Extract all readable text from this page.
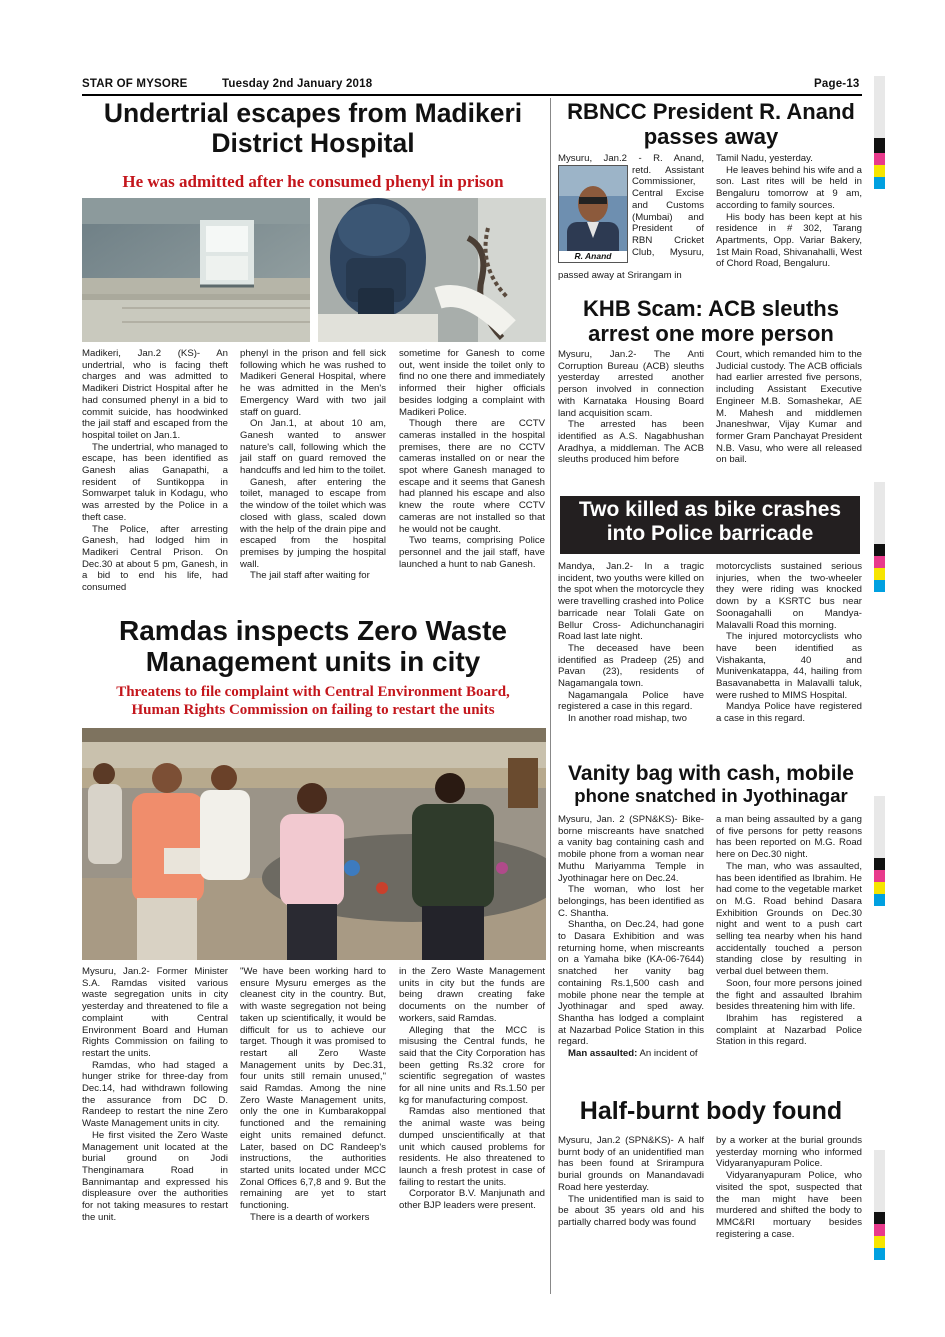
STAR OF MYSORE	Tuesday 2nd January 2018	Page-13
Undertrial escapes from Madikeri
District Hospital
He was admitted after he consumed phenyl in prison

Madikeri, Jan.2 (KS)- An undertrial, who is facing theft charges and was admitted to Madikeri District Hospital after he had consumed phenyl in a bid to commit suicide, has hoodwinked the jail staff and escaped from the hospital toilet on Jan.1.

The undertrial, who managed to escape, has been identified as Ganesh alias Ganapathi, a resident of Suntikoppa in Somwarpet taluk in Kodagu, who was arrested by the Police in a theft case.

The Police, after arresting Ganesh, had lodged him in Madikeri Central Prison. On Dec.30 at about 5 pm, Ganesh, in a bid to end his life, had consumed

phenyl in the prison and fell sick following which he was rushed to Madikeri General Hospital, where he was admitted in the Men's Emergency Ward with two jail staff on guard.

On Jan.1, at about 10 am, Ganesh wanted to answer nature's call, following which the jail staff on guard removed the handcuffs and led him to the toilet.

Ganesh, after entering the toilet, managed to escape from the window of the toilet which was closed with glass, scaled down with the help of the drain pipe and escaped from the hospital premises by jumping the hospital wall.

The jail staff after waiting for

sometime for Ganesh to come out, went inside the toilet only to find no one there and immediately informed their higher officials besides lodging a complaint with Madikeri Police.

Though there are CCTV cameras installed in the hospital premises, there are no CCTV cameras installed on or near the spot where Ganesh managed to escape and it seems that Ganesh had planned his escape and also knew the route where CCTV cameras are not installed so that he would not be caught.

Two teams, comprising Police personnel and the jail staff, have launched a hunt to nab Ganesh.

Ramdas inspects Zero Waste
Management units in city
Threatens to file complaint with Central Environment Board,
Human Rights Commission on failing to restart the units

Mysuru, Jan.2- Former Minister S.A. Ramdas visited various waste segregation units in city yesterday and threatened to file a complaint with Central Environment Board and Human Rights Commission on failing to restart the units.

Ramdas, who had staged a hunger strike for three-day from Dec.14, had withdrawn following the assurance from DC D. Randeep to restart the nine Zero Waste Management units in city.

He first visited the Zero Waste Management unit located at the burial ground on Jodi Thenginamara Road in Bannimantap and expressed his displeasure over the authorities for not taking measures to restart the unit.

"We have been working hard to ensure Mysuru emerges as the cleanest city in the country. But, with waste segregation not being taken up scientifically, it would be difficult for us to achieve our target. Though it was promised to restart all Zero Waste Management units by Dec.31, four units still remain unused," said Ramdas. Among the nine Zero Waste Management units, only the one in Kumbarakoppal functioned and the remaining eight units remained defunct. Later, based on DC Randeep's instructions, the authorities started units located under MCC Zonal Offices 6,7,8 and 9. But the remaining are yet to start functioning.

There is a dearth of workers

in the Zero Waste Management units in city but the funds are being drawn creating fake documents on the number of workers, said Ramdas.

Alleging that the MCC is misusing the Central funds, he said that the City Corporation has been getting Rs.32 crore for scientific segregation of wastes for all nine units and Rs.1.50 per kg for manufacturing compost.

Ramdas also mentioned that the animal waste was being dumped unscientifically at that unit which caused problems for residents. He also threatened to launch a fresh protest in case of failing to restart the units.

Corporator B.V. Manjunath and other BJP leaders were present.

RBNCC President R. Anand
passes away
R. Anand
Mysuru, Jan.2 - R. Anand,
retd. Assistant
Commissioner,
Central Excise
and Customs
(Mumbai) and
President of
RBN Cricket
Club, Mysuru,
passed away at Srirangam in

Tamil Nadu, yesterday.

He leaves behind his wife and a son. Last rites will be held in Bengaluru tomorrow at 9 am, according to family sources.

His body has been kept at his residence in # 302, Tarang Apartments, Opp. Variar Bakery, 1st Main Road, Shivanahalli, West of Chord Road, Bengaluru.

KHB Scam: ACB sleuths
arrest one more person

Mysuru, Jan.2- The Anti Corruption Bureau (ACB) sleuths yesterday arrested another person involved in connection with Karnataka Housing Board land acquisition scam.

The arrested has been identified as A.S. Nagabhushan Aradhya, a middleman. The ACB sleuths produced him before

Court, which remanded him to the Judicial custody. The ACB officials had earlier arrested five persons, including Assistant Executive Engineer M.B. Somashekar, AE M. Mahesh and middlemen Jnaneshwar, Vijay Kumar and former Gram Panchayat President N.B. Vasu, who were all released on bail.

Two killed as bike crashes
into Police barricade

Mandya, Jan.2- In a tragic incident, two youths were killed on the spot when the motorcycle they were travelling crashed into Police barricade near Tolali Gate on Bellur Cross- Adichunchanagiri Road last late night.

The deceased have been identified as Pradeep (25) and Pavan (23), residents of Nagamangala town.

Nagamangala Police have registered a case in this regard.

In another road mishap, two

motorcyclists sustained serious injuries, when the two-wheeler they were riding was knocked down by a KSRTC bus near Soonagahalli on Mandya-Malavalli Road this morning.

The injured motorcyclists who have been identified as Vishakanta, 40 and Munivenkatappa, 44, hailing from Basavanabetta in Malavalli taluk, were rushed to MIMS Hospital.

Mandya Police have registered a case in this regard.

Vanity bag with cash, mobile
phone snatched in Jyothinagar

Mysuru, Jan. 2 (SPN&KS)- Bike-borne miscreants have snatched a vanity bag containing cash and mobile phone from a woman near Muthu Mariyamma Temple in Jyothinagar here on Dec.24.

The woman, who lost her belongings, has been identified as C. Shantha.

Shantha, on Dec.24, had gone to Dasara Exhibition and was returning home, when miscreants on a Yamaha bike (KA-06-7644) snatched her vanity bag containing Rs.1,500 cash and mobile phone near the temple at Jyothinagar and sped away. Shantha has lodged a complaint at Nazarbad Police Station in this regard.

Man assaulted: An incident of

a man being assaulted by a gang of five persons for petty reasons has been reported on M.G. Road here on Dec.30 night.

The man, who was assaulted, has been identified as Ibrahim. He had come to the vegetable market on M.G. Road behind Dasara Exhibition Grounds on Dec.30 night and went to a push cart selling tea nearby when his hand accidentally touched a person standing close by resulting in verbal duel between them.

Soon, four more persons joined the fight and assaulted Ibrahim besides threatening him with life.

Ibrahim has registered a complaint at Nazarbad Police Station in this regard.

Half-burnt body found

Mysuru, Jan.2 (SPN&KS)- A half burnt body of an unidentified man has been found at Srirampura burial grounds on Manandavadi Road here yesterday.

The unidentified man is said to be about 35 years old and his partially charred body was found

by a worker at the burial grounds yesterday morning who informed Vidyaranyapuram Police.

Vidyaranyapuram Police, who visited the spot, suspected that the man might have been murdered and shifted the body to MMC&RI mortuary besides registering a case.
